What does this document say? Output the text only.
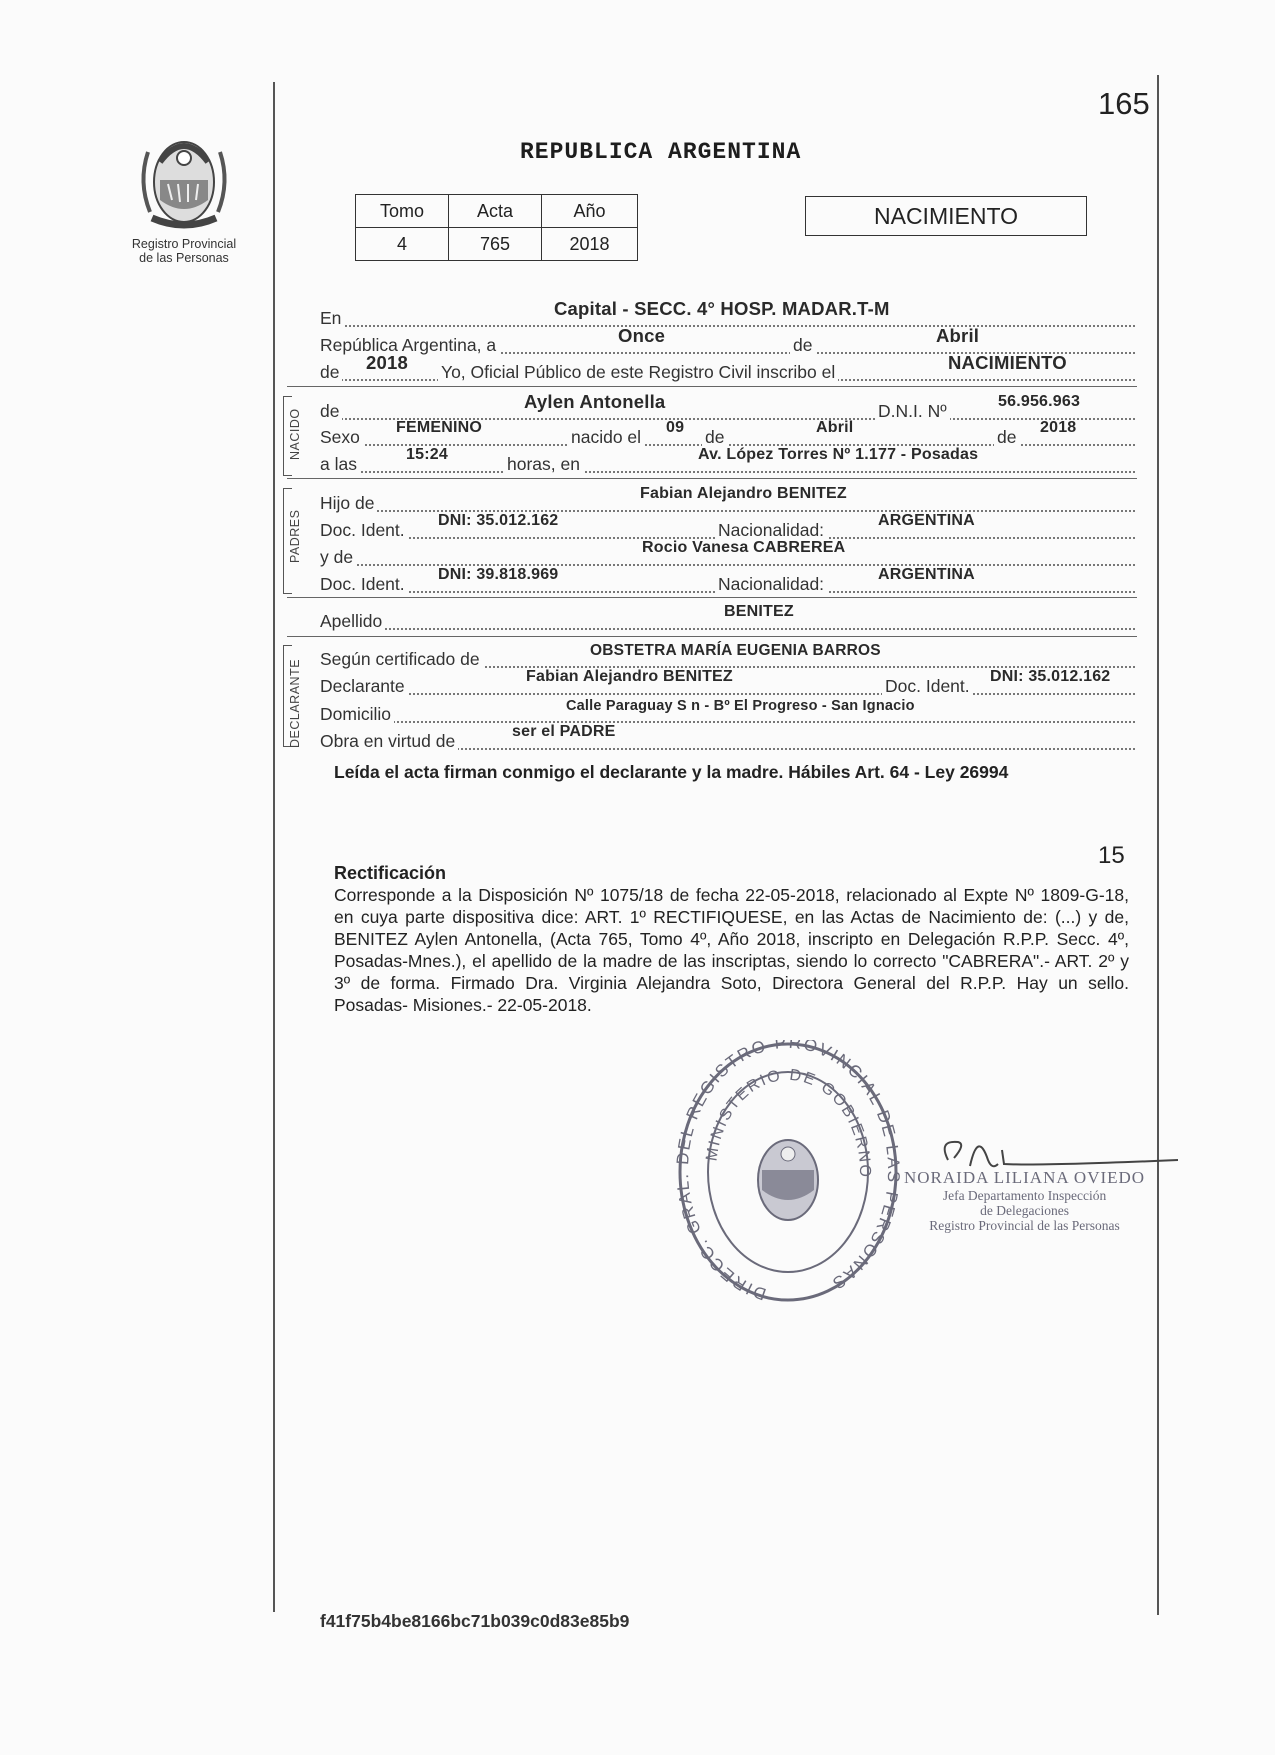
Registro Provincial
de las Personas
165
REPUBLICA ARGENTINA
Tomo	Acta	Año
4	765	2018
NACIMIENTO
En	Capital - SECC. 4° HOSP. MADAR.T-M
República Argentina, a	Once	de	Abril
de 2018 Yo, Oficial Público de este Registro Civil inscribo el	NACIMIENTO
NACIDO de	Aylen Antonella	D.N.I. Nº	56.956.963
Sexo FEMENINO	nacido el 09 de	Abril	de 2018
a las	15:24	horas, en	Av. López Torres Nº 1.177 - Posadas
PADRES
Hijo de	Fabian Alejandro BENITEZ
Doc. Ident. DNI: 35.012.162	Nacionalidad:	ARGENTINA
y de	Rocio Vanesa CABREREA
Doc. Ident. DNI: 39.818.969	Nacionalidad:	ARGENTINA
Apellido	BENITEZ
DECLARANTE Según certificado de	OBSTETRA MARÍA EUGENIA BARROS
Declarante	Fabian Alejandro BENITEZ	Doc. Ident. DNI: 35.012.162
Domicilio	Calle Paraguay S n - Bº El Progreso - San Ignacio
Obra en virtud de	ser el PADRE
Leída el acta firman conmigo el declarante y la madre. Hábiles Art. 64 - Ley 26994
15
Rectificación
Corresponde a la Disposición Nº 1075/18 de fecha 22-05-2018, relacionado al Expte Nº 1809-G-18, en cuya parte dispositiva dice: ART. 1º RECTIFIQUESE, en las Actas de Nacimiento de: (...) y de, BENITEZ Aylen Antonella, (Acta 765, Tomo 4º, Año 2018, inscripto en Delegación R.P.P. Secc. 4º, Posadas-Mnes.), el apellido de la madre de las inscriptas, siendo lo correcto "CABRERA".- ART. 2º y 3º de forma. Firmado Dra. Virginia Alejandra Soto, Directora General del R.P.P. Hay un sello. Posadas- Misiones.- 22-05-2018.
DIRECC. GRA EL REGISTRO PROVINCIAL DE PERSONAS
MINISTERIO DE GOBIERNO NORAIDA LILIANA OVIEDO
Jefa Departamento Inspección
de Delegaciones
Registro Provincial de las Personas
f41f75b4be8166bc71b039c0d83e85b9
